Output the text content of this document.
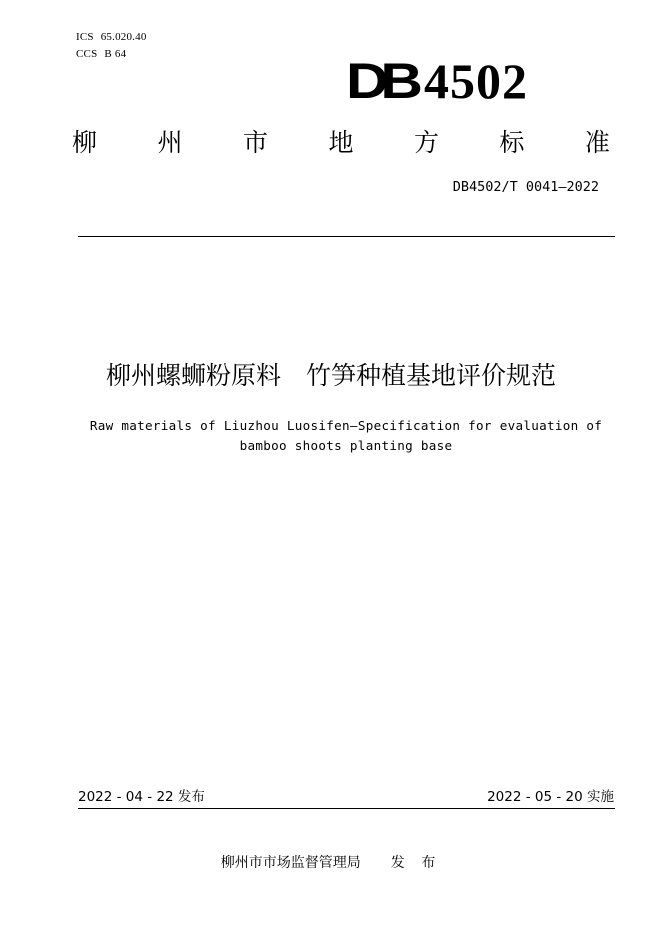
ICS 65.020.40
CCS B 64	DB 4502
柳 州 市 地 方 标 准
DB4502/T 0041—2022
柳州螺蛳粉原料　竹笋种植基地评价规范
Raw materials of Liuzhou Luosifen—Specification for evaluation of bamboo shoots planting base
2022 - 04 - 22 发布	2022 - 05 - 20 实施
柳州市市场监督管理局 发 布
